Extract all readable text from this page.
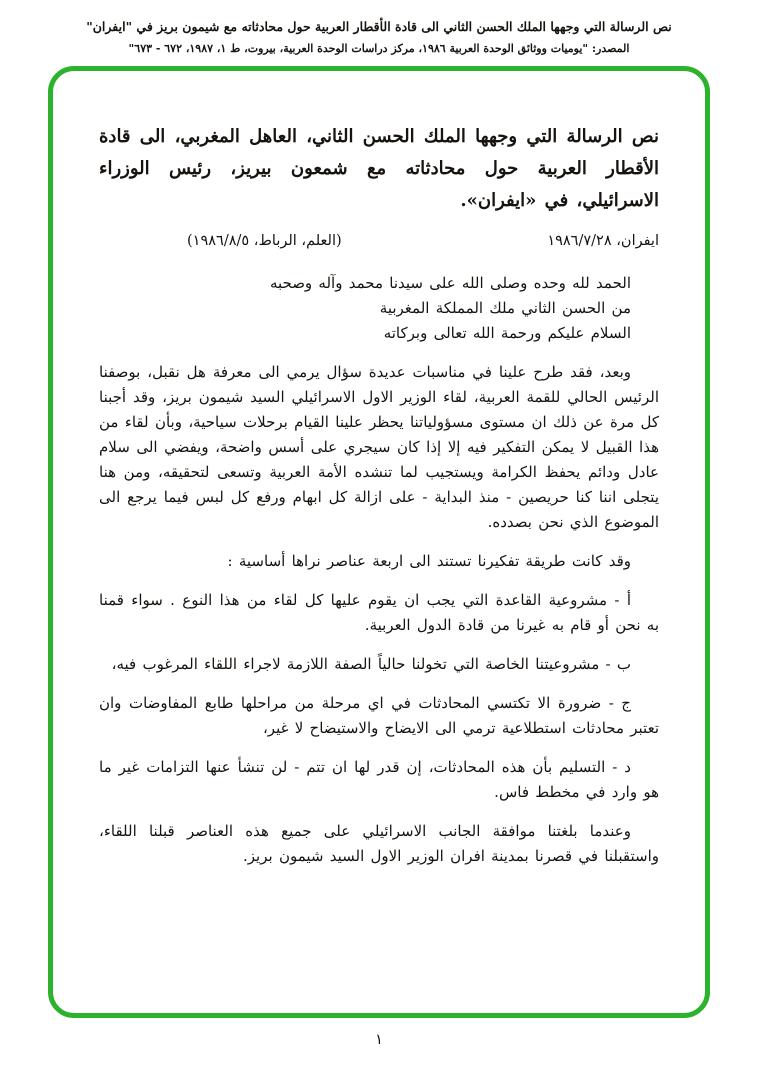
نص الرسالة التي وجهها الملك الحسن الثاني الى قادة الأقطار العربية حول محادثاته مع شيمون بريز في "ايفران"
المصدر: "يوميات ووثائق الوحدة العربية ١٩٨٦، مركز دراسات الوحدة العربية، بيروت، ط ١، ١٩٨٧، ٦٧٢ - ٦٧٣"
نص الرسالة التي وجهها الملك الحسن الثاني، العاهل المغربي، الى قادة الأقطار العربية حول محادثاته مع شمعون بيريز، رئيس الوزراء الاسرائيلي، في «ايفران».
ايفران، ٢٨‏/‏٧‏/‏١٩٨٦
(العلم، الرباط، ٥‏/‏٨‏/‏١٩٨٦)

الحمد لله وحده وصلى الله على سيدنا محمد وآله وصحبه

من الحسن الثاني ملك المملكة المغربية

السلام عليكم ورحمة الله تعالى وبركاته

وبعد، فقد طرح علينا في مناسبات عديدة سؤال يرمي الى معرفة هل نقبل، بوصفنا الرئيس الحالي للقمة العربية، لقاء الوزير الاول الاسرائيلي السيد شيمون بريز، وقد أجبنا كل مرة عن ذلك ان مستوى مسؤولياتنا يحظر علينا القيام برحلات سياحية، وبأن لقاء من هذا القبيل لا يمكن التفكير فيه إلا إذا كان سيجري على أسس واضحة، ويفضي الى سلام عادل ودائم يحفظ الكرامة ويستجيب لما تنشده الأمة العربية وتسعى لتحقيقه، ومن هنا يتجلى اننا كنا حريصين - منذ البداية - على ازالة كل ابهام ورفع كل لبس فيما يرجع الى الموضوع الذي نحن بصدده.

وقد كانت طريقة تفكيرنا تستند الى اربعة عناصر نراها أساسية :

أ - مشروعية القاعدة التي يجب ان يقوم عليها كل لقاء من هذا النوع . سواء قمنا به نحن أو قام به غيرنا من قادة الدول العربية.

ب - مشروعيتنا الخاصة التي تخولنا حالياً الصفة اللازمة لاجراء اللقاء المرغوب فيه،

ج - ضرورة الا تكتسي المحادثات في اي مرحلة من مراحلها طابع المفاوضات وان تعتبر محادثات استطلاعية ترمي الى الايضاح والاستيضاح لا غير،

د - التسليم بأن هذه المحادثات، إن قدر لها ان تتم - لن تنشأ عنها التزامات غير ما هو وارد في مخطط فاس.

وعندما بلغتنا موافقة الجانب الاسرائيلي على جميع هذه العناصر قبلنا اللقاء، واستقبلنا في قصرنا بمدينة افران الوزير الاول السيد شيمون بريز.

١
